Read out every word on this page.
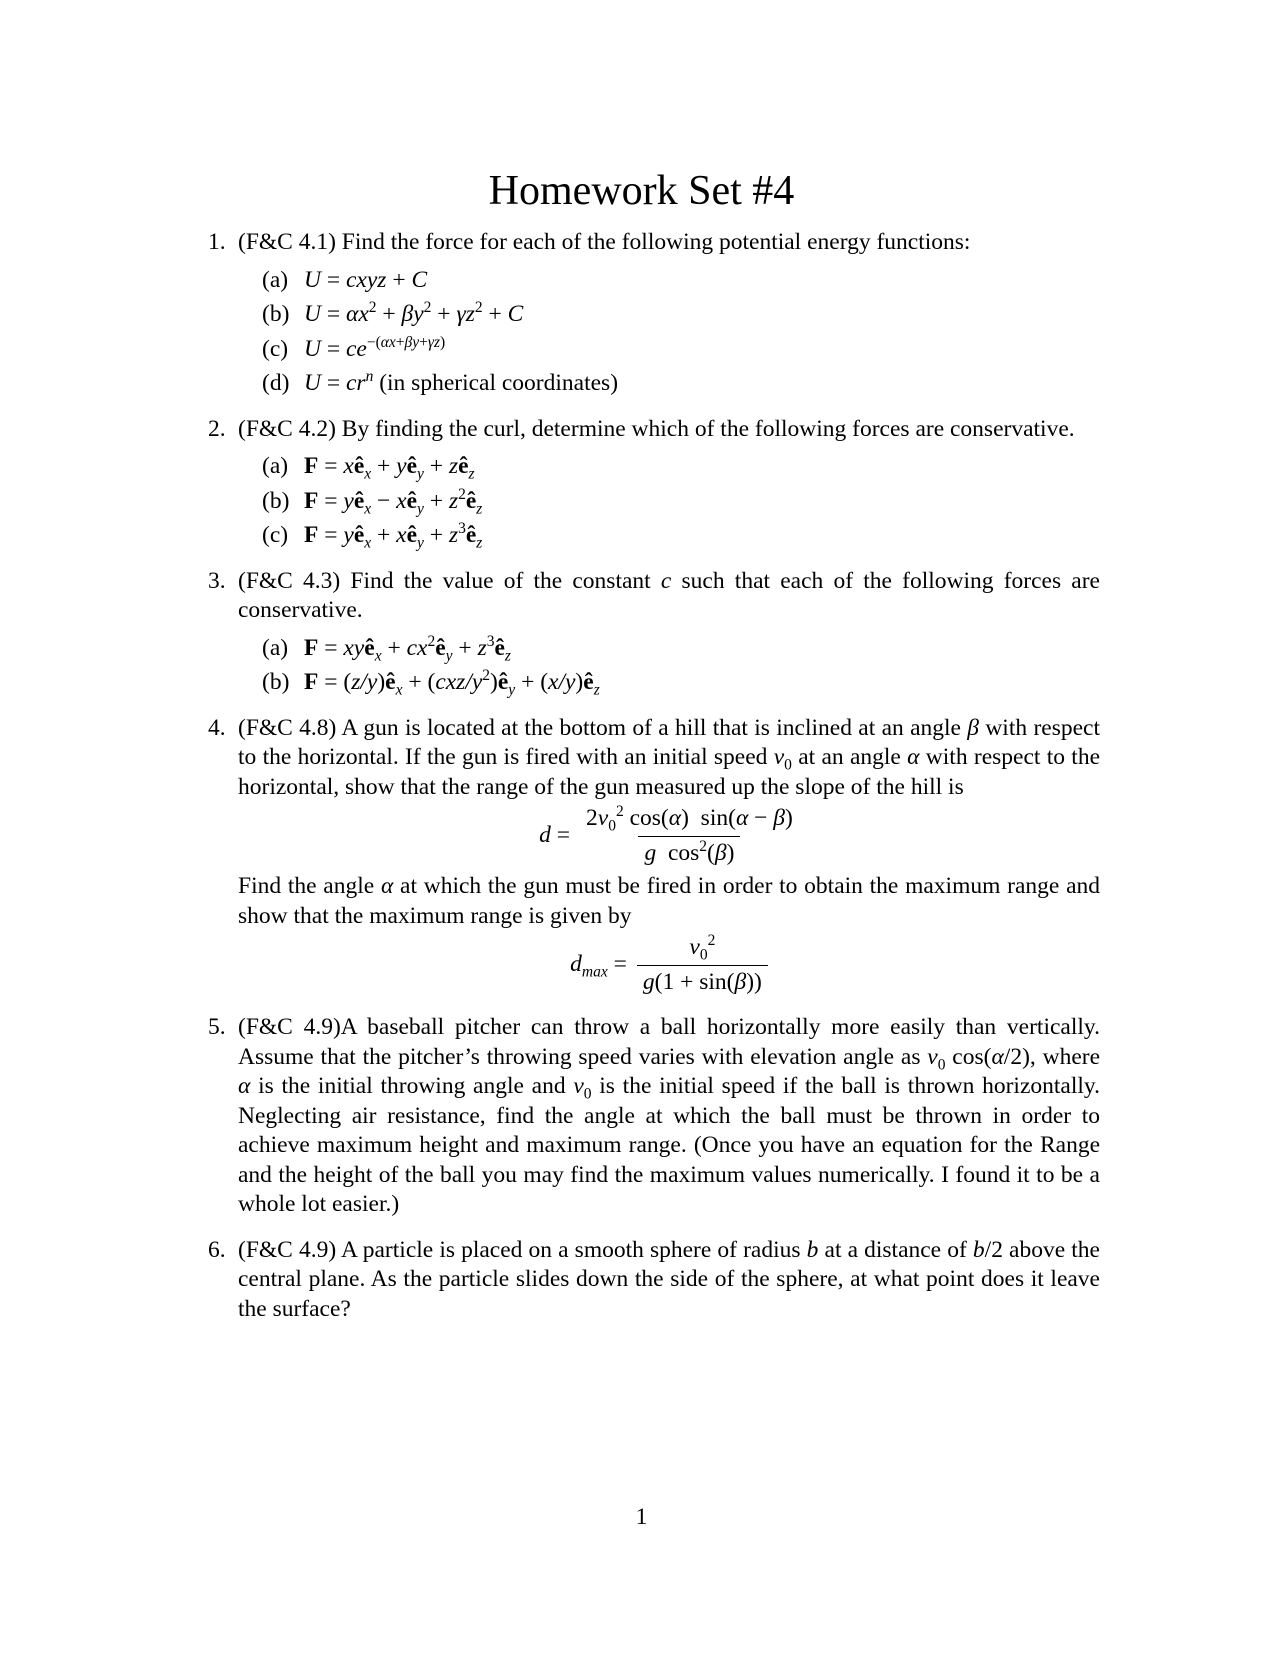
Homework Set #4
1. (F&C 4.1) Find the force for each of the following potential energy functions:
(a) U = cxyz + C
(b) $U = \alpha x^2 + \beta y^2 + \gamma z^2 + C$
(c) $U = ce^{-(\alpha x+\beta y+\gamma z)}$
(d) $U = cr^n$ (in spherical coordinates)
2. (F&C 4.2) By finding the curl, determine which of the following forces are conservative.
(a) $F = xê_x$ + $yê_y$ + $zê_z$
(b) $F = yê_x$ − $xê_y$ + $z^2ê_z$
(c) $F = yê_x$ + $xê_y$ + $z^3ê_z$
3. (F&C 4.3) Find the value of the constant c such that each of the following forces are conservative.
(a) F = xyê$_x$ + $cx^2ê_y$ + $z^3ê_z$
(b) $F = (z/y)ê_x$ + $(cxz/y^2)ê_y$ + $(x/y)ê_z$
4. (F&C 4.8) A gun is located at the bottom of a hill that is inclined at an angle β with respect to the horizontal. If the gun is fired with an initial speed $v_0$ at an angle α with respect to the horizontal, show that the range of the gun measured up the slope of the hill is
$d = \frac{2v_0^2 \cos(\alpha) \sin(\alpha - \beta)}{g \cos^2(\beta)}$
Find the angle α at which the gun must be fired in order to obtain the maximum range and show that the maximum range is given by
$d_{max} = \frac{v_0^2}{g(1 + \sin(\beta))}$
5. (F&C 4.9)A baseball pitcher can throw a ball horizontally more easily than vertically. Assume that the pitcher’s throwing speed varies with elevation angle as $v_0$ cos(α/2), where α is the initial throwing angle and $v_0$ is the initial speed if the ball is thrown horizontally. Neglecting air resistance, find the angle at which the ball must be thrown in order to achieve maximum height and maximum range. (Once you have an equation for the Range and the height of the ball you may find the maximum values numerically. I found it to be a whole lot easier.)
6. (F&C 4.9) A particle is placed on a smooth sphere of radius b at a distance of b/2 above the central plane. As the particle slides down the side of the sphere, at what point does it leave the surface?
1
